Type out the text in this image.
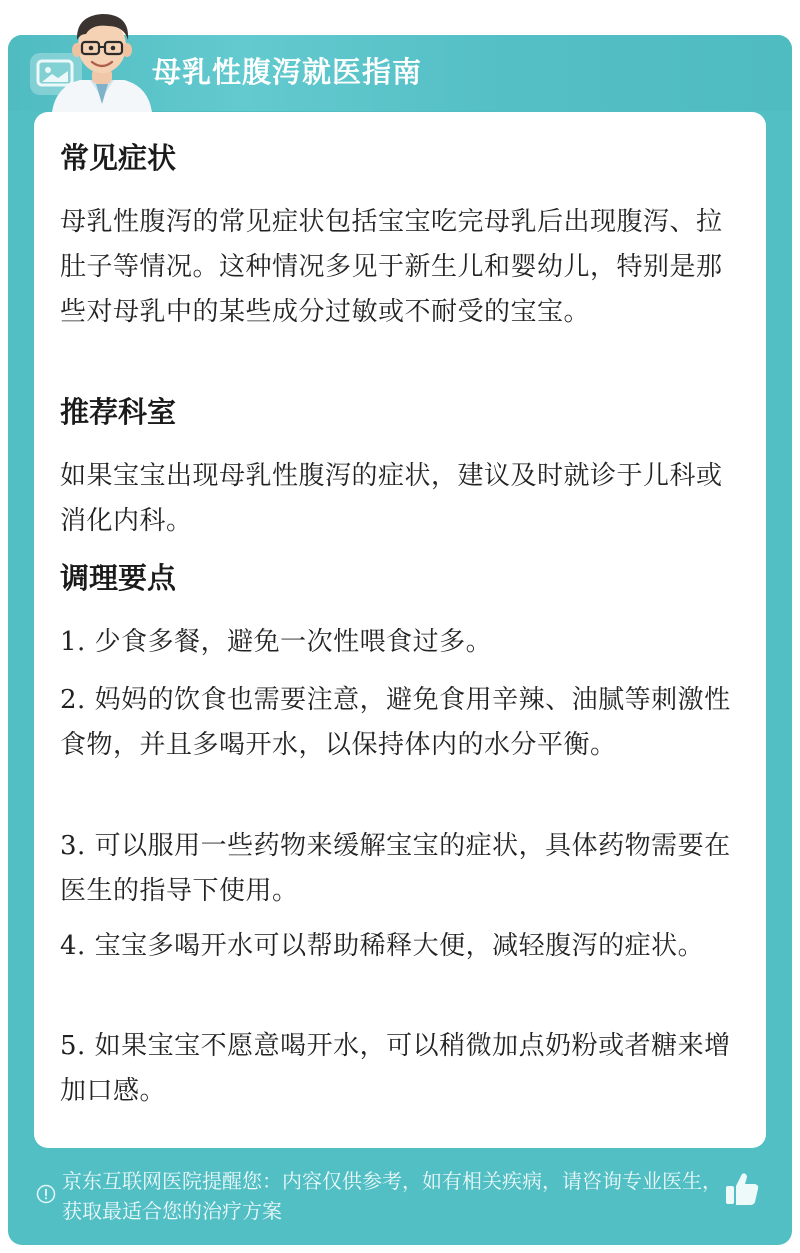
母乳性腹泻就医指南
常见症状
母乳性腹泻的常见症状包括宝宝吃完母乳后出现腹泻、拉肚子等情况。这种情况多见于新生儿和婴幼儿，特别是那些对母乳中的某些成分过敏或不耐受的宝宝。
推荐科室
如果宝宝出现母乳性腹泻的症状，建议及时就诊于儿科或消化内科。
调理要点
1. 少食多餐，避免一次性喂食过多。
2. 妈妈的饮食也需要注意，避免食用辛辣、油腻等刺激性食物，并且多喝开水，以保持体内的水分平衡。
3. 可以服用一些药物来缓解宝宝的症状，具体药物需要在医生的指导下使用。
4. 宝宝多喝开水可以帮助稀释大便，减轻腹泻的症状。
5. 如果宝宝不愿意喝开水，可以稍微加点奶粉或者糖来增加口感。
京东互联网医院提醒您：内容仅供参考，如有相关疾病，请咨询专业医生，获取最适合您的治疗方案
